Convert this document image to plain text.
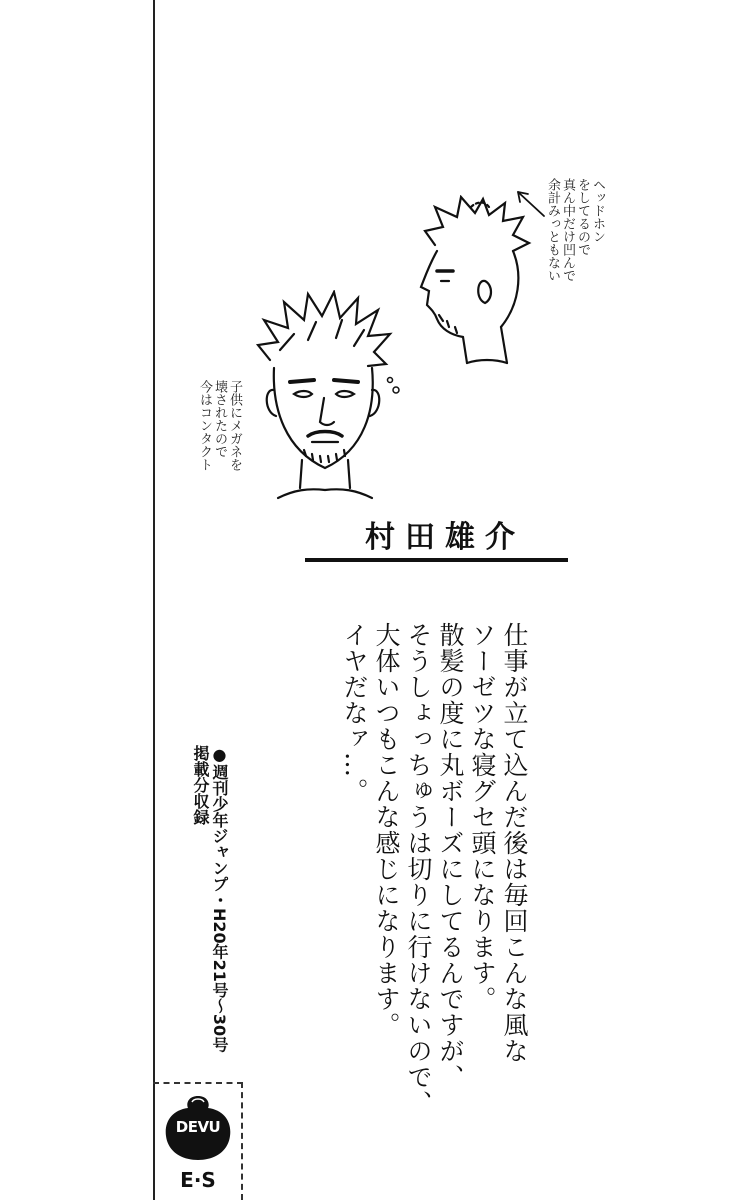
子供にメガネを
壊されたので
今はコンタクト
ヘッドホン
をしてるので
真ん中だけ凹んで
余計みっともない
村田雄介
仕事が立て込んだ後は毎回こんな風な
ソーゼツな寝グセ頭になります。
散髪の度に丸ボーズにしてるんですが、
そうしょっちゅうは切りに行けないので、
大体いつもこんな感じになります。
イヤだなァ…。
●週刊少年ジャンプ・H20年21号〜30号
掲載分収録
DEVU
E·S
